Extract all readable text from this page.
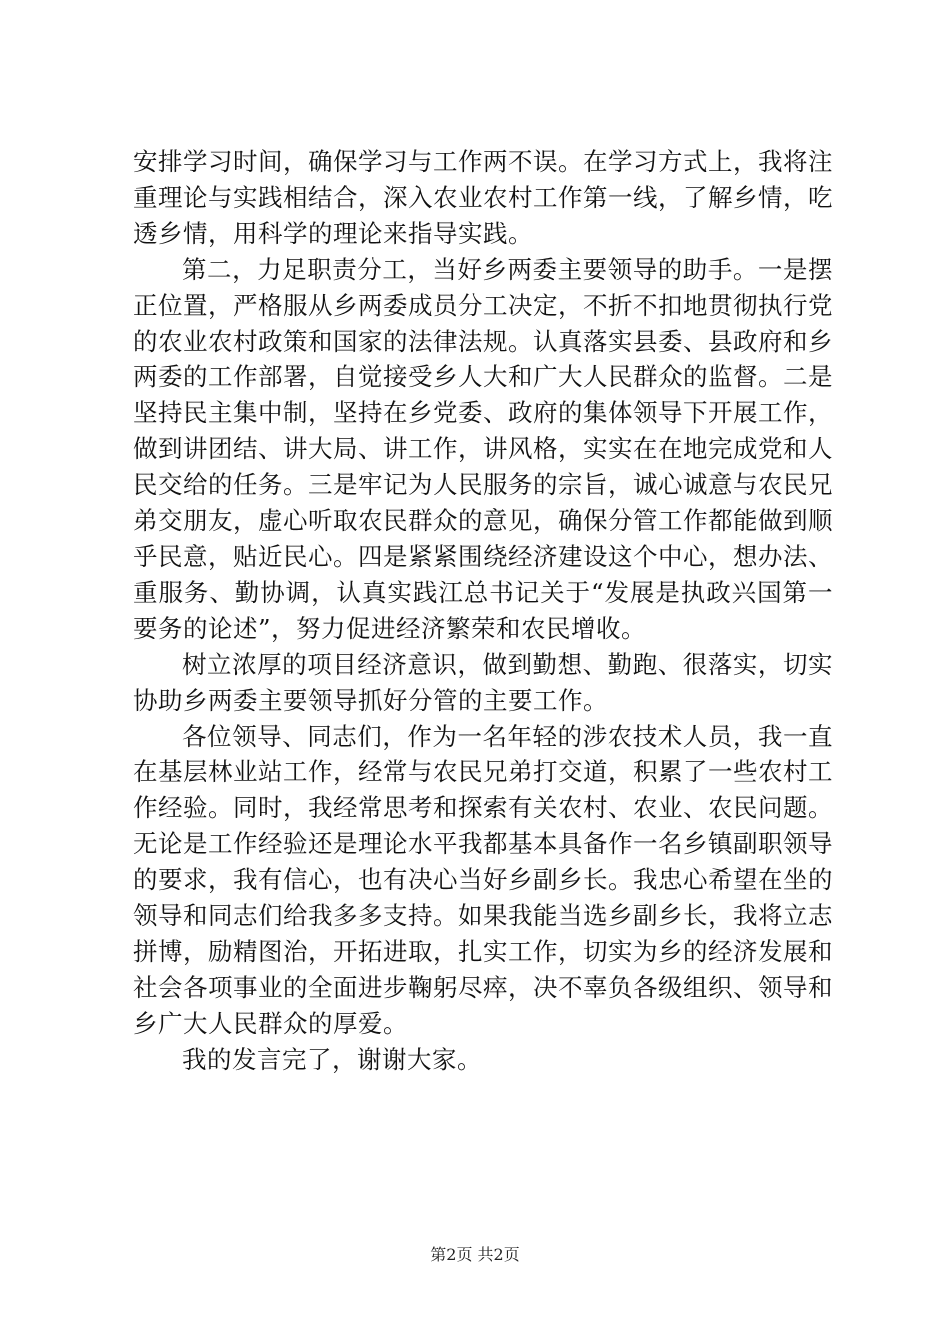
安排学习时间，确保学习与工作两不误。在学习方式上，我将注重理论与实践相结合，深入农业农村工作第一线，了解乡情，吃透乡情，用科学的理论来指导实践。

第二，力足职责分工，当好乡两委主要领导的助手。一是摆正位置，严格服从乡两委成员分工决定，不折不扣地贯彻执行党的农业农村政策和国家的法律法规。认真落实县委、县政府和乡两委的工作部署，自觉接受乡人大和广大人民群众的监督。二是坚持民主集中制，坚持在乡党委、政府的集体领导下开展工作，做到讲团结、讲大局、讲工作，讲风格，实实在在地完成党和人民交给的任务。三是牢记为人民服务的宗旨，诚心诚意与农民兄弟交朋友，虚心听取农民群众的意见，确保分管工作都能做到顺乎民意，贴近民心。四是紧紧围绕经济建设这个中心，想办法、重服务、勤协调，认真实践江总书记关于“发展是执政兴国第一要务的论述”，努力促进经济繁荣和农民增收。

树立浓厚的项目经济意识，做到勤想、勤跑、很落实，切实协助乡两委主要领导抓好分管的主要工作。

各位领导、同志们，作为一名年轻的涉农技术人员，我一直在基层林业站工作，经常与农民兄弟打交道，积累了一些农村工作经验。同时，我经常思考和探索有关农村、农业、农民问题。无论是工作经验还是理论水平我都基本具备作一名乡镇副职领导的要求，我有信心，也有决心当好乡副乡长。我忠心希望在坐的领导和同志们给我多多支持。如果我能当选乡副乡长，我将立志拼博，励精图治，开拓进取，扎实工作，切实为乡的经济发展和社会各项事业的全面进步鞠躬尽瘁，决不辜负各级组织、领导和乡广大人民群众的厚爱。

我的发言完了，谢谢大家。

第2页 共2页
